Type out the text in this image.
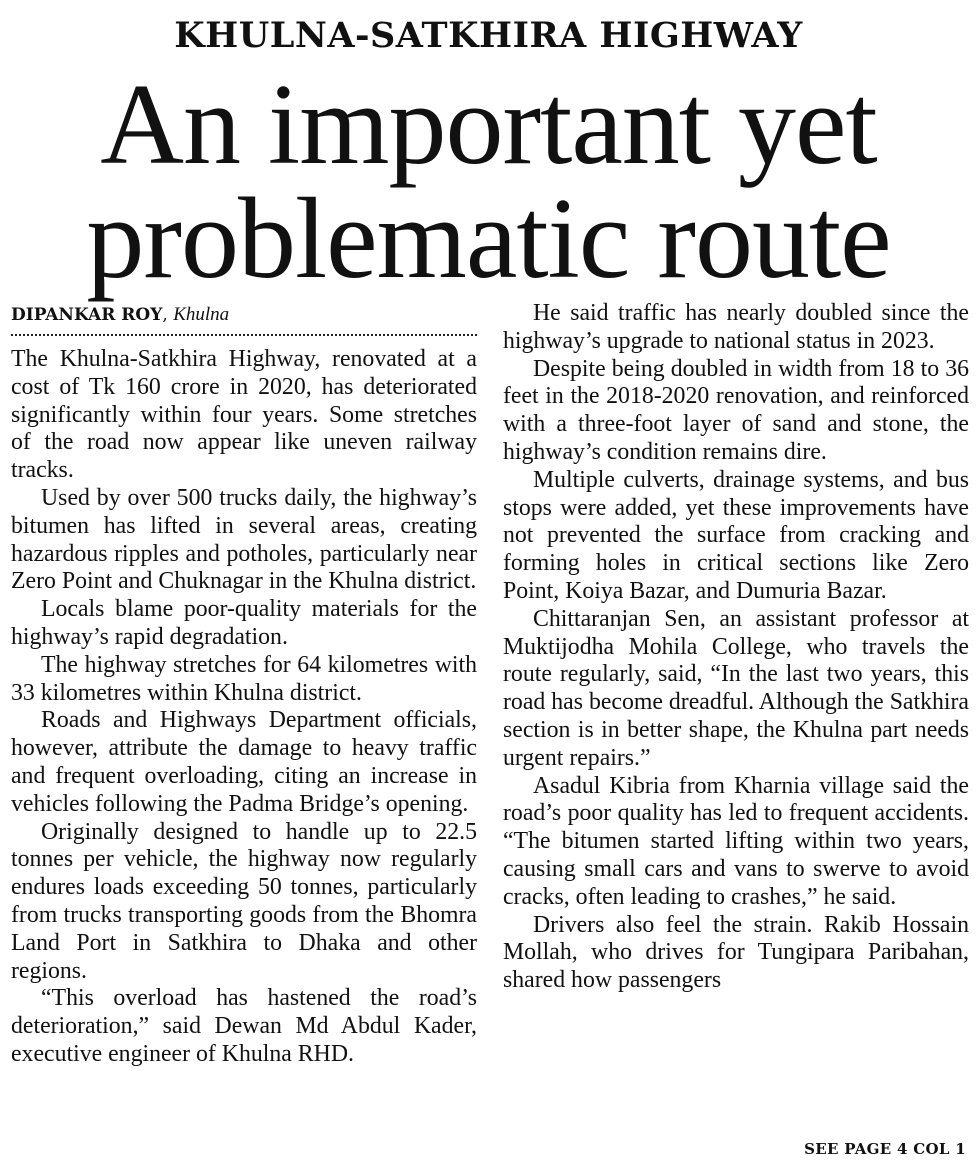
KHULNA-SATKHIRA HIGHWAY
An important yet
problematic route
DIPANKAR ROY, Khulna

The Khulna-Satkhira Highway, renovated at a cost of Tk 160 crore in 2020, has deteriorated significantly within four years. Some stretches of the road now appear like uneven railway tracks.

Used by over 500 trucks daily, the highway’s bitumen has lifted in several areas, creating hazardous ripples and potholes, particularly near Zero Point and Chuknagar in the Khulna district.

Locals blame poor-quality materials for the highway’s rapid degradation.

The highway stretches for 64 kilometres with 33 kilometres within Khulna district.

Roads and Highways Department officials, however, attribute the damage to heavy traffic and frequent overloading, citing an increase in vehicles following the Padma Bridge’s opening.

Originally designed to handle up to 22.5 tonnes per vehicle, the highway now regularly endures loads exceeding 50 tonnes, particularly from trucks transporting goods from the Bhomra Land Port in Satkhira to Dhaka and other regions.

“This overload has hastened the road’s deterioration,” said Dewan Md Abdul Kader, executive engineer of Khulna RHD.

He said traffic has nearly doubled since the highway’s upgrade to national status in 2023.

Despite being doubled in width from 18 to 36 feet in the 2018-2020 renovation, and reinforced with a three-foot layer of sand and stone, the highway’s condition remains dire.

Multiple culverts, drainage systems, and bus stops were added, yet these improvements have not prevented the surface from cracking and forming holes in critical sections like Zero Point, Koiya Bazar, and Dumuria Bazar.

Chittaranjan Sen, an assistant professor at Muktijodha Mohila College, who travels the route regularly, said, “In the last two years, this road has become dreadful. Although the Satkhira section is in better shape, the Khulna part needs urgent repairs.”

Asadul Kibria from Kharnia village said the road’s poor quality has led to frequent accidents. “The bitumen started lifting within two years, causing small cars and vans to swerve to avoid cracks, often leading to crashes,” he said.

Drivers also feel the strain. Rakib Hossain Mollah, who drives for Tungipara Paribahan, shared how passengers

SEE PAGE 4 COL 1
